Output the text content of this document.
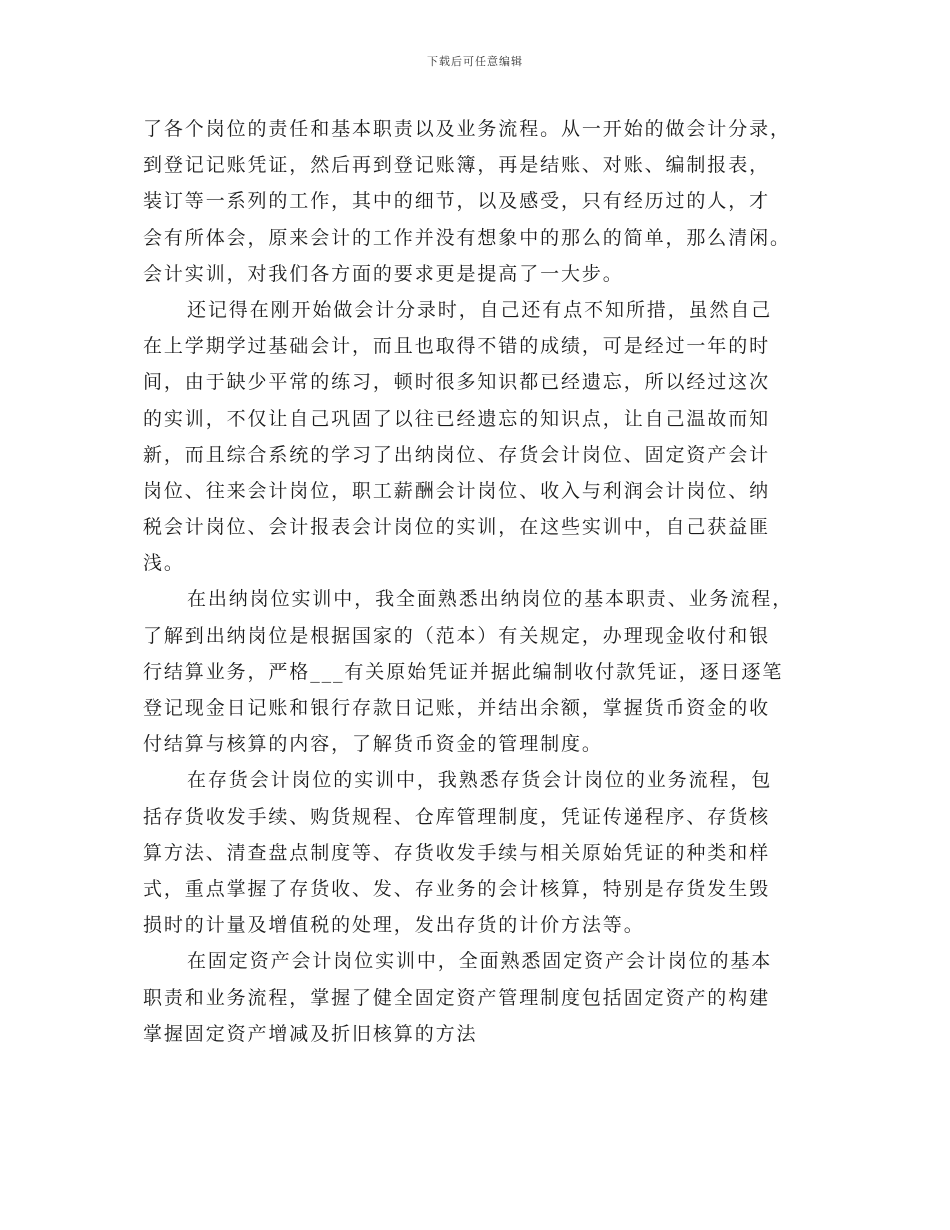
下载后可任意编辑
了各个岗位的责任和基本职责以及业务流程。从一开始的做会计分录，
到登记记账凭证，然后再到登记账簿，再是结账、对账、编制报表，
装订等一系列的工作，其中的细节，以及感受，只有经历过的人，才
会有所体会，原来会计的工作并没有想象中的那么的简单，那么清闲。
会计实训，对我们各方面的要求更是提高了一大步。
还记得在刚开始做会计分录时，自己还有点不知所措，虽然自己
在上学期学过基础会计，而且也取得不错的成绩，可是经过一年的时
间，由于缺少平常的练习，顿时很多知识都已经遗忘，所以经过这次
的实训，不仅让自己巩固了以往已经遗忘的知识点，让自己温故而知
新，而且综合系统的学习了出纳岗位、存货会计岗位、固定资产会计
岗位、往来会计岗位，职工薪酬会计岗位、收入与利润会计岗位、纳
税会计岗位、会计报表会计岗位的实训，在这些实训中，自己获益匪
浅。
在出纳岗位实训中，我全面熟悉出纳岗位的基本职责、业务流程，
了解到出纳岗位是根据国家的（范本）有关规定，办理现金收付和银
行结算业务，严格___有关原始凭证并据此编制收付款凭证，逐日逐笔
登记现金日记账和银行存款日记账，并结出余额，掌握货币资金的收
付结算与核算的内容，了解货币资金的管理制度。
在存货会计岗位的实训中，我熟悉存货会计岗位的业务流程，包
括存货收发手续、购货规程、仓库管理制度，凭证传递程序、存货核
算方法、清查盘点制度等、存货收发手续与相关原始凭证的种类和样
式，重点掌握了存货收、发、存业务的会计核算，特别是存货发生毁
损时的计量及增值税的处理，发出存货的计价方法等。
在固定资产会计岗位实训中，全面熟悉固定资产会计岗位的基本
职责和业务流程，掌握了健全固定资产管理制度包括固定资产的构建
掌握固定资产增减及折旧核算的方法
